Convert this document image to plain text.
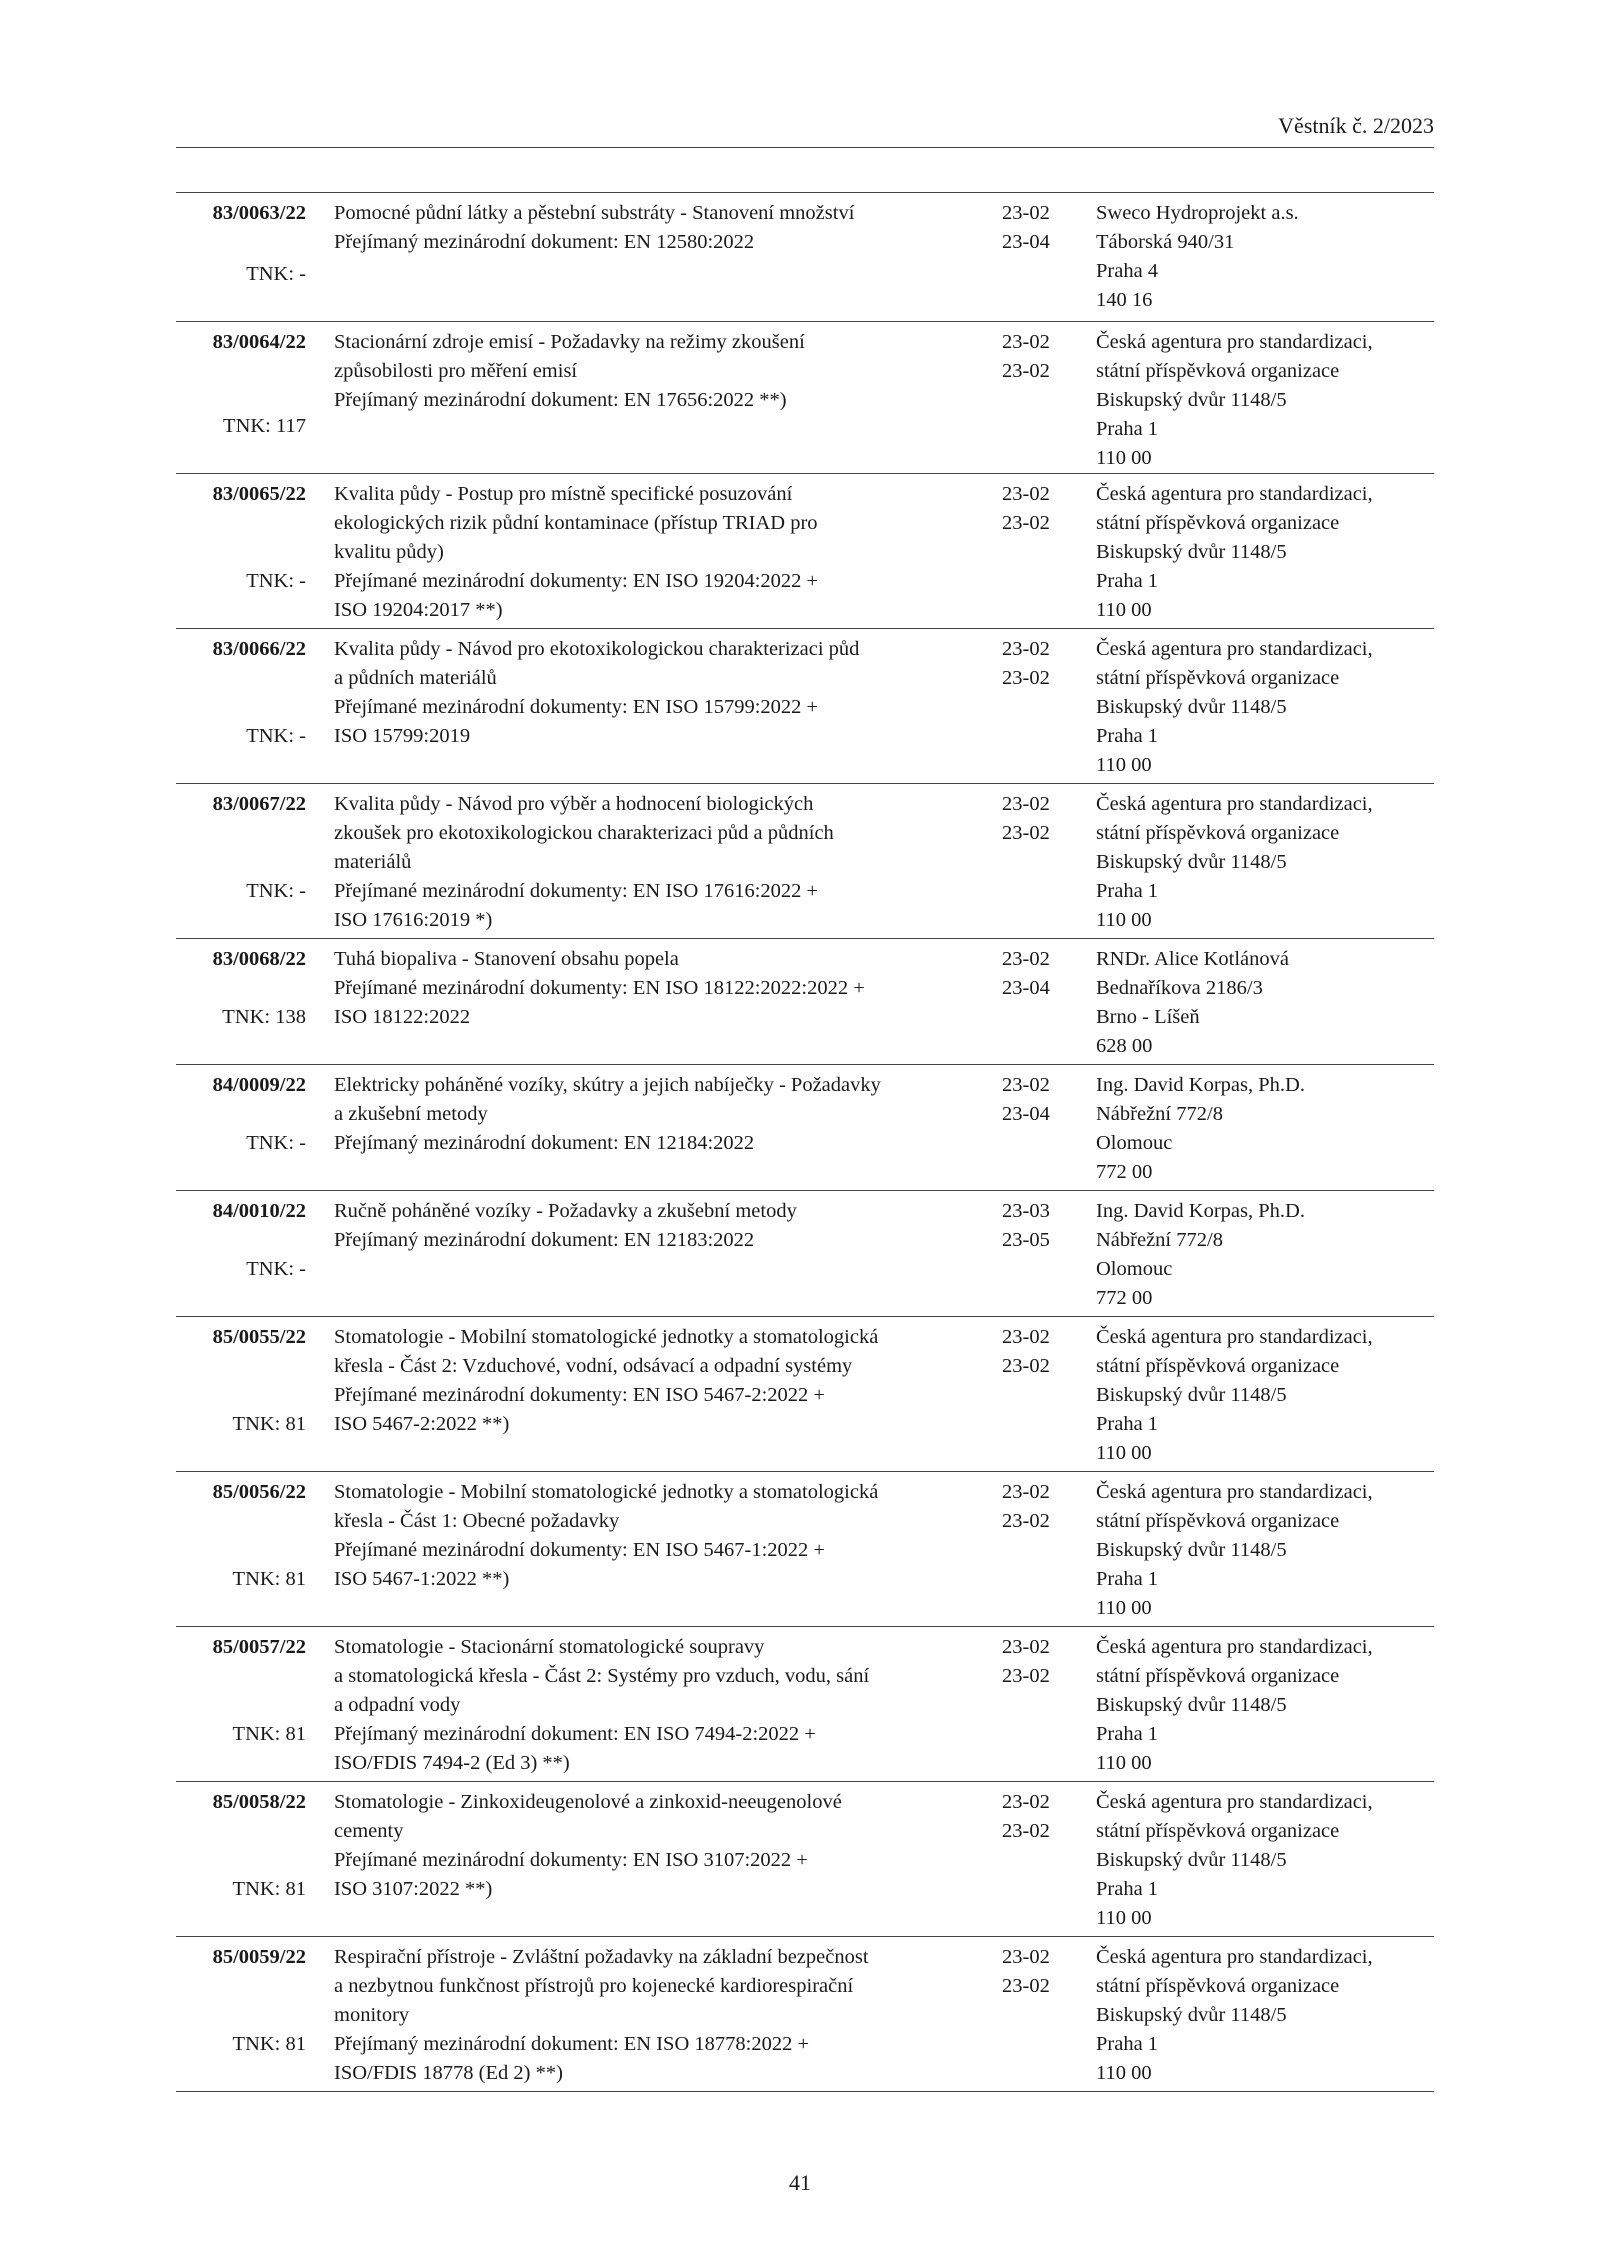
Věstník č. 2/2023
83/0063/22
TNK: -
Pomocné půdní látky a pěstební substráty - Stanovení množství
Přejímaný mezinárodní dokument: EN 12580:2022
23-02
23-04
Sweco Hydroprojekt a.s.
Táborská 940/31
Praha 4
140 16
83/0064/22
TNK: 117
Stacionární zdroje emisí - Požadavky na režimy zkoušení
způsobilosti pro měření emisí
Přejímaný mezinárodní dokument: EN 17656:2022 **)
23-02
23-02
Česká agentura pro standardizaci,
státní příspěvková organizace
Biskupský dvůr 1148/5
Praha 1
110 00
83/0065/22
TNK: -
Kvalita půdy - Postup pro místně specifické posuzování
ekologických rizik půdní kontaminace (přístup TRIAD pro
kvalitu půdy)
Přejímané mezinárodní dokumenty: EN ISO 19204:2022 +
ISO 19204:2017 **)
23-02
23-02
Česká agentura pro standardizaci,
státní příspěvková organizace
Biskupský dvůr 1148/5
Praha 1
110 00
83/0066/22
TNK: -
Kvalita půdy - Návod pro ekotoxikologickou charakterizaci půd
a půdních materiálů
Přejímané mezinárodní dokumenty: EN ISO 15799:2022 +
ISO 15799:2019
23-02
23-02
Česká agentura pro standardizaci,
státní příspěvková organizace
Biskupský dvůr 1148/5
Praha 1
110 00
83/0067/22
TNK: -
Kvalita půdy - Návod pro výběr a hodnocení biologických
zkoušek pro ekotoxikologickou charakterizaci půd a půdních
materiálů
Přejímané mezinárodní dokumenty: EN ISO 17616:2022 +
ISO 17616:2019 *)
23-02
23-02
Česká agentura pro standardizaci,
státní příspěvková organizace
Biskupský dvůr 1148/5
Praha 1
110 00
83/0068/22
TNK: 138
Tuhá biopaliva - Stanovení obsahu popela
Přejímané mezinárodní dokumenty: EN ISO 18122:2022:2022 +
ISO 18122:2022
23-02
23-04
RNDr. Alice Kotlánová
Bednaříkova 2186/3
Brno - Líšeň
628 00
84/0009/22
TNK: -
Elektricky poháněné vozíky, skútry a jejich nabíječky - Požadavky
a zkušební metody
Přejímaný mezinárodní dokument: EN 12184:2022
23-02
23-04
Ing. David Korpas, Ph.D.
Nábřežní 772/8
Olomouc
772 00
84/0010/22
TNK: -
Ručně poháněné vozíky - Požadavky a zkušební metody
Přejímaný mezinárodní dokument: EN 12183:2022
23-03
23-05
Ing. David Korpas, Ph.D.
Nábřežní 772/8
Olomouc
772 00
85/0055/22
TNK: 81
Stomatologie - Mobilní stomatologické jednotky a stomatologická
křesla - Část 2: Vzduchové, vodní, odsávací a odpadní systémy
Přejímané mezinárodní dokumenty: EN ISO 5467-2:2022 +
ISO 5467-2:2022 **)
23-02
23-02
Česká agentura pro standardizaci,
státní příspěvková organizace
Biskupský dvůr 1148/5
Praha 1
110 00
85/0056/22
TNK: 81
Stomatologie - Mobilní stomatologické jednotky a stomatologická
křesla - Část 1: Obecné požadavky
Přejímané mezinárodní dokumenty: EN ISO 5467-1:2022 +
ISO 5467-1:2022 **)
23-02
23-02
Česká agentura pro standardizaci,
státní příspěvková organizace
Biskupský dvůr 1148/5
Praha 1
110 00
85/0057/22
TNK: 81
Stomatologie - Stacionární stomatologické soupravy
a stomatologická křesla - Část 2: Systémy pro vzduch, vodu, sání
a odpadní vody
Přejímaný mezinárodní dokument: EN ISO 7494-2:2022 +
ISO/FDIS 7494-2 (Ed 3) **)
23-02
23-02
Česká agentura pro standardizaci,
státní příspěvková organizace
Biskupský dvůr 1148/5
Praha 1
110 00
85/0058/22
TNK: 81
Stomatologie - Zinkoxideugenolové a zinkoxid-neeugenolové
cementy
Přejímané mezinárodní dokumenty: EN ISO 3107:2022 +
ISO 3107:2022 **)
23-02
23-02
Česká agentura pro standardizaci,
státní příspěvková organizace
Biskupský dvůr 1148/5
Praha 1
110 00
85/0059/22
TNK: 81
Respirační přístroje - Zvláštní požadavky na základní bezpečnost
a nezbytnou funkčnost přístrojů pro kojenecké kardiorespirační
monitory
Přejímaný mezinárodní dokument: EN ISO 18778:2022 +
ISO/FDIS 18778 (Ed 2) **)
23-02
23-02
Česká agentura pro standardizaci,
státní příspěvková organizace
Biskupský dvůr 1148/5
Praha 1
110 00
41
